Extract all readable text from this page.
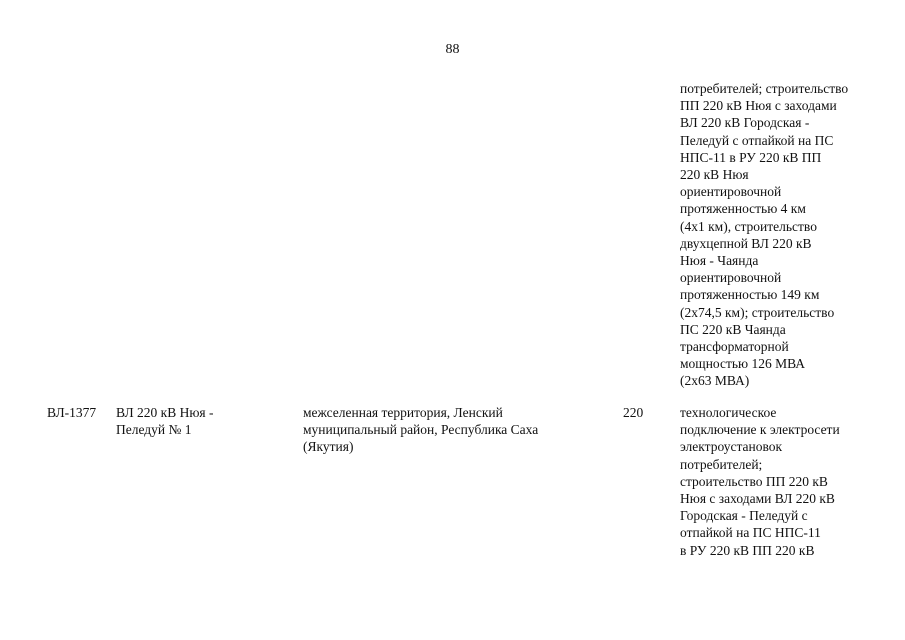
88
потребителей; строительство
ПП 220 кВ Нюя с заходами
ВЛ 220 кВ Городская -
Пеледуй с отпайкой на ПС
НПС-11 в РУ 220 кВ ПП
220 кВ Нюя
ориентировочной
протяженностью 4 км
(4x1 км), строительство
двухцепной ВЛ 220 кВ
Нюя - Чаянда
ориентировочной
протяженностью 149 км
(2x74,5 км); строительство
ПС 220 кВ Чаянда
трансформаторной
мощностью 126 МВА
(2x63 МВА)
ВЛ-1377 ВЛ 220 кВ Нюя -
Пеледуй № 1
межселенная территория, Ленский
муниципальный район, Республика Саха
(Якутия)
220	технологическое
подключение к электросети
электроустановок
потребителей;
строительство ПП 220 кВ
Нюя с заходами ВЛ 220 кВ
Городская - Пеледуй с
отпайкой на ПС НПС-11
в РУ 220 кВ ПП 220 кВ
